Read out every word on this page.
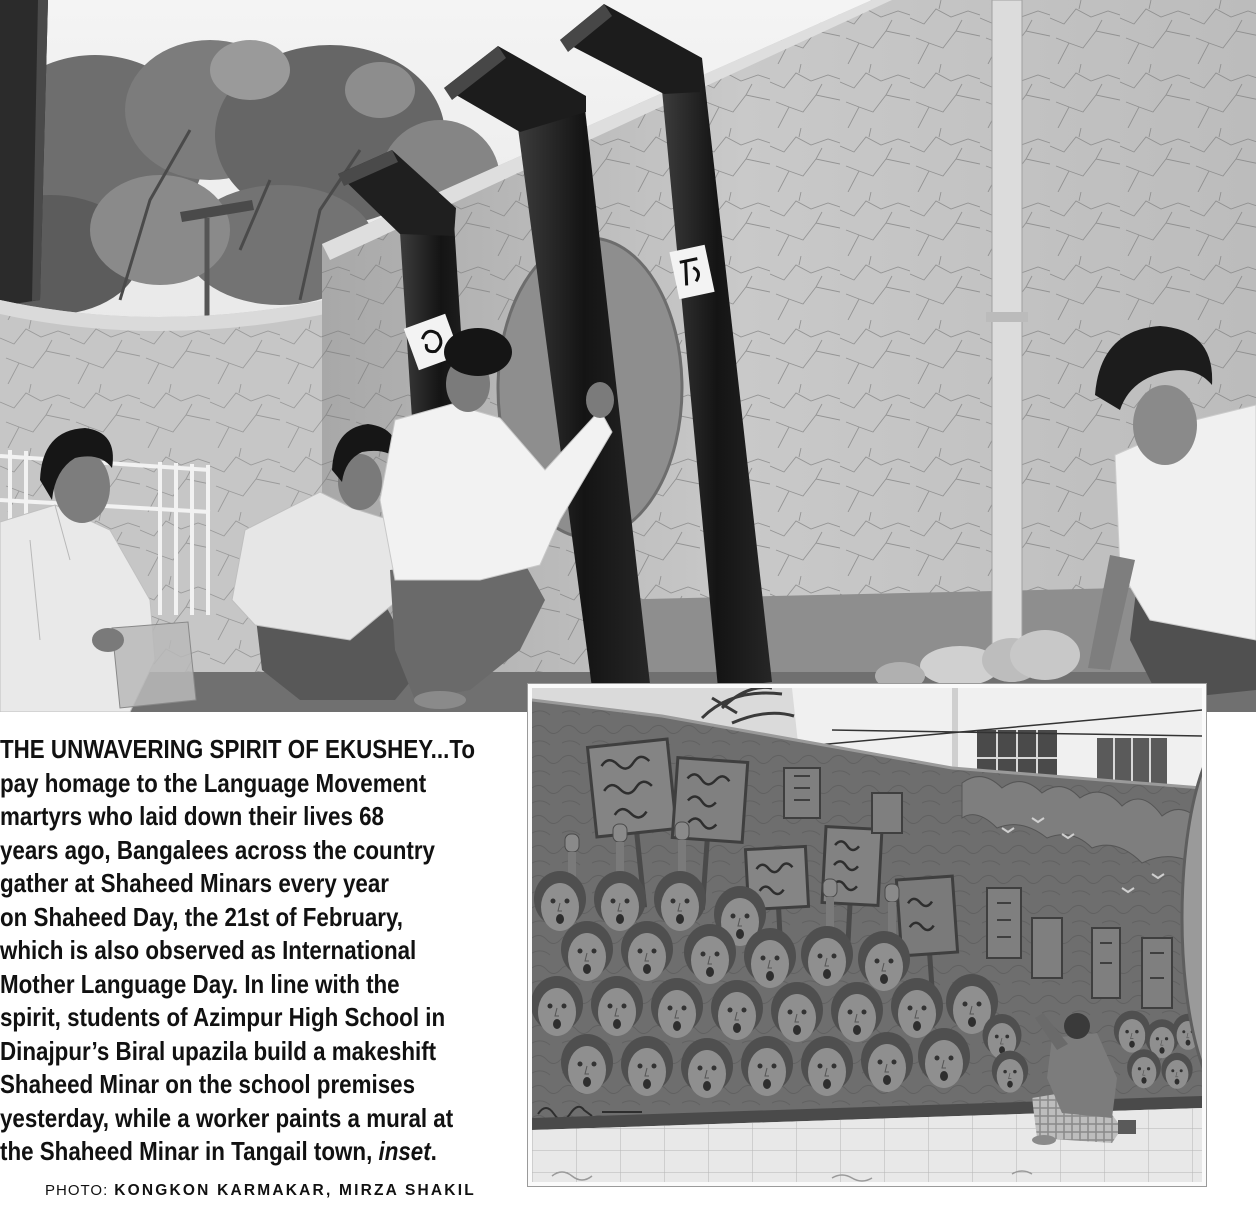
THE UNWAVERING SPIRIT OF EKUSHEY...To
pay homage to the Language Movement
martyrs who laid down their lives 68
years ago, Bangalees across the country
gather at Shaheed Minars every year
on Shaheed Day, the 21st of February,
which is also observed as International
Mother Language Day. In line with the
spirit, students of Azimpur High School in
Dinajpur’s Biral upazila build a makeshift
Shaheed Minar on the school premises
yesterday, while a worker paints a mural at
the Shaheed Minar in Tangail town, inset.
PHOTO: KONGKON KARMAKAR, MIRZA SHAKIL
